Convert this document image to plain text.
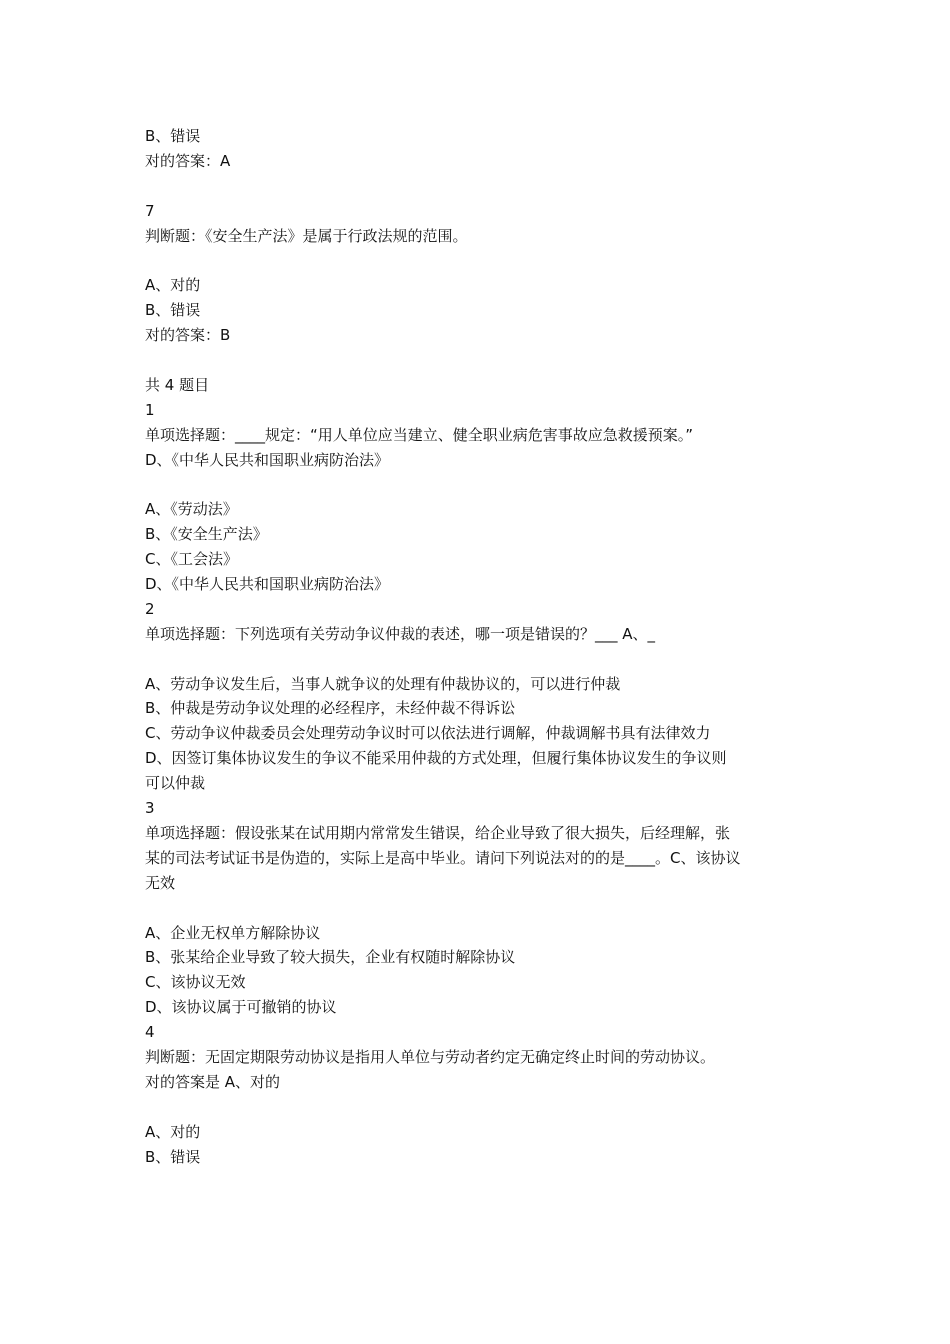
B、错误
对的答案：A
7
判断题：《安全生产法》是属于行政法规的范围。
A、对的
B、错误
对的答案：B
共 4 题目
1
单项选择题：____规定：“用人单位应当建立、健全职业病危害事故应急救援预案。”
D、《中华人民共和国职业病防治法》
A、《劳动法》
B、《安全生产法》
C、《工会法》
D、《中华人民共和国职业病防治法》
2
单项选择题：下列选项有关劳动争议仲裁的表述，哪一项是错误的？___ A、_
A、劳动争议发生后，当事人就争议的处理有仲裁协议的，可以进行仲裁
B、仲裁是劳动争议处理的必经程序，未经仲裁不得诉讼
C、劳动争议仲裁委员会处理劳动争议时可以依法进行调解，仲裁调解书具有法律效力
D、因签订集体协议发生的争议不能采用仲裁的方式处理，但履行集体协议发生的争议则
可以仲裁
3
单项选择题：假设张某在试用期内常常发生错误，给企业导致了很大损失，后经理解，张
某的司法考试证书是伪造的，实际上是高中毕业。请问下列说法对的的是____。C、该协议
无效
A、企业无权单方解除协议
B、张某给企业导致了较大损失，企业有权随时解除协议
C、该协议无效
D、该协议属于可撤销的协议
4
判断题：无固定期限劳动协议是指用人单位与劳动者约定无确定终止时间的劳动协议。
对的答案是 A、对的
A、对的
B、错误
